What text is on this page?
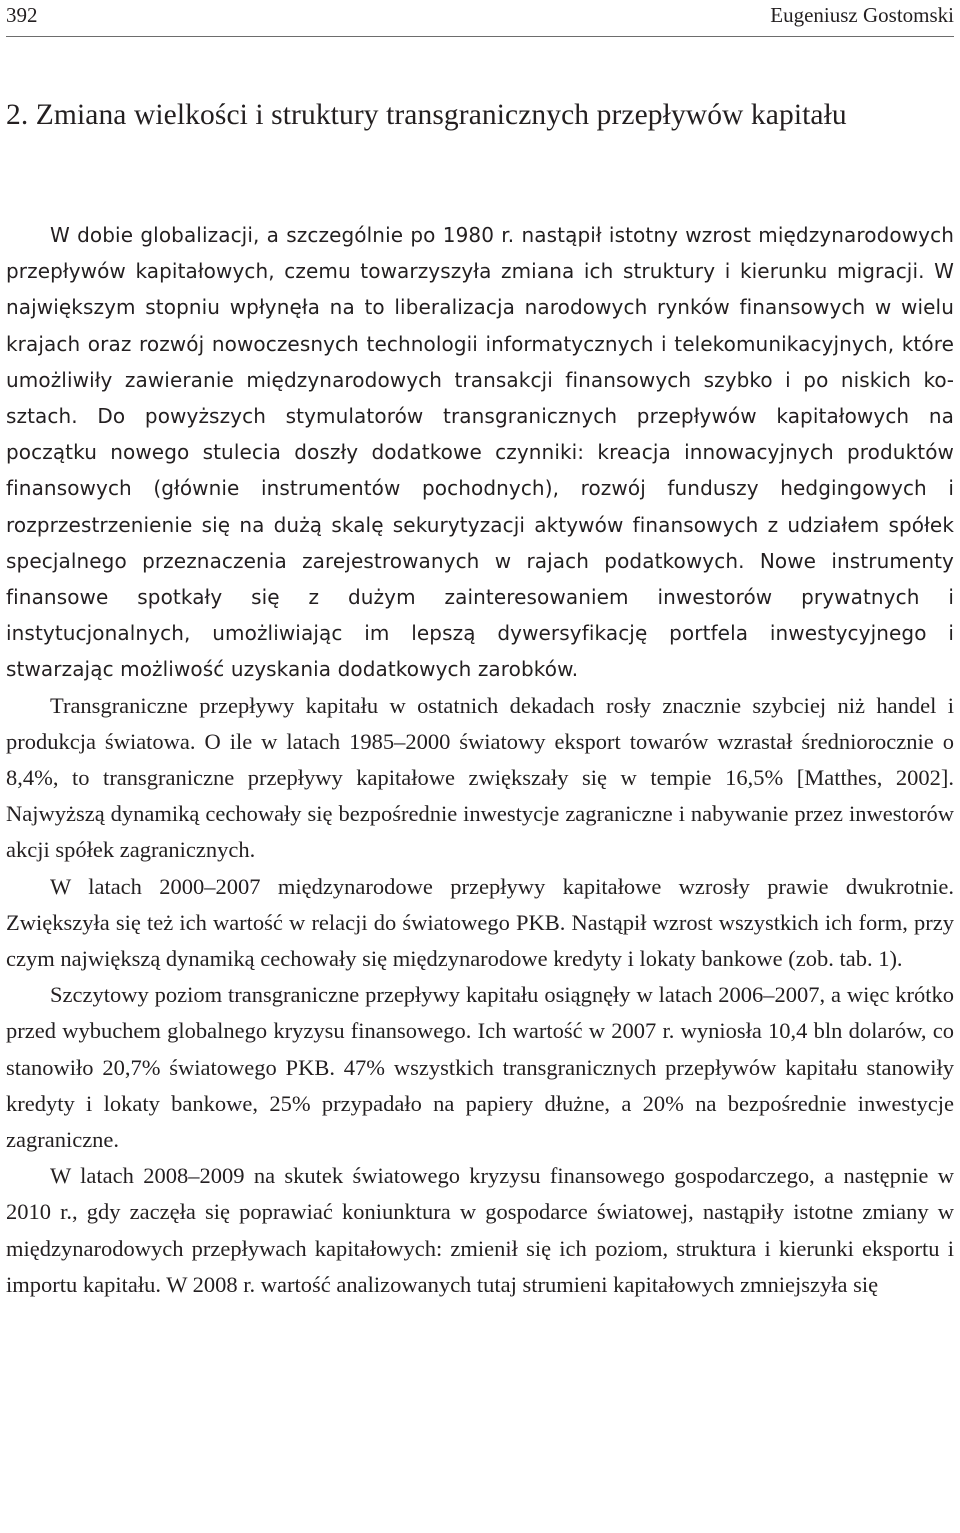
392	Eugeniusz Gostomski
2. Zmiana wielkości i struktury transgranicznych przepływów kapitału

W dobie globalizacji, a szczególnie po 1980 r. nastąpił istotny wzrost międzynarodowych przepływów kapitałowych, czemu towarzyszyła zmiana ich struktury i kierunku migracji. W największym stopniu wpłynęła na to liberalizacja narodowych rynków finansowych w wielu krajach oraz rozwój nowoczesnych technologii informatycznych i telekomunikacyjnych, które umożliwiły zawieranie międzynarodowych transakcji finansowych szybko i po niskich kosztach. Do powyższych stymulatorów transgranicznych przepływów kapitałowych na początku nowego stulecia doszły dodatkowe czynniki: kreacja innowacyjnych produktów finansowych (głównie instrumentów pochodnych), rozwój funduszy hedgingowych i rozprzestrzenienie się na dużą skalę sekurytyzacji aktywów finansowych z udziałem spółek specjalnego przeznaczenia zarejestrowanych w rajach podatkowych. Nowe instrumenty finansowe spotkały się z dużym zainteresowaniem inwestorów prywatnych i instytucjonalnych, umożliwiając im lepszą dywersyfikację portfela inwestycyjnego i stwarzając możliwość uzyskania dodatkowych zarobków.

Transgraniczne przepływy kapitału w ostatnich dekadach rosły znacznie szybciej niż handel i produkcja światowa. O ile w latach 1985–2000 światowy eksport towarów wzrastał średniorocznie o 8,4%, to transgraniczne przepływy kapitałowe zwiększały się w tempie 16,5% [Matthes, 2002]. Najwyższą dynamiką cechowały się bezpośrednie inwestycje zagraniczne i nabywanie przez inwestorów akcji spółek zagranicznych.

W latach 2000–2007 międzynarodowe przepływy kapitałowe wzrosły prawie dwukrotnie. Zwiększyła się też ich wartość w relacji do światowego PKB. Nastąpił wzrost wszystkich ich form, przy czym największą dynamiką cechowały się międzynarodowe kredyty i lokaty bankowe (zob. tab. 1).

Szczytowy poziom transgraniczne przepływy kapitału osiągnęły w latach 2006–2007, a więc krótko przed wybuchem globalnego kryzysu finansowego. Ich wartość w 2007 r. wyniosła 10,4 bln dolarów, co stanowiło 20,7% światowego PKB. 47% wszystkich transgranicznych przepływów kapitału stanowiły kredyty i lokaty bankowe, 25% przypadało na papiery dłużne, a 20% na bezpośrednie inwestycje zagraniczne.

W latach 2008–2009 na skutek światowego kryzysu finansowego gospodarczego, a następnie w 2010 r., gdy zaczęła się poprawiać koniunktura w gospodarce światowej, nastąpiły istotne zmiany w międzynarodowych przepływach kapitałowych: zmienił się ich poziom, struktura i kierunki eksportu i importu kapitału. W 2008 r. wartość analizowanych tutaj strumieni kapitałowych zmniejszyła się
